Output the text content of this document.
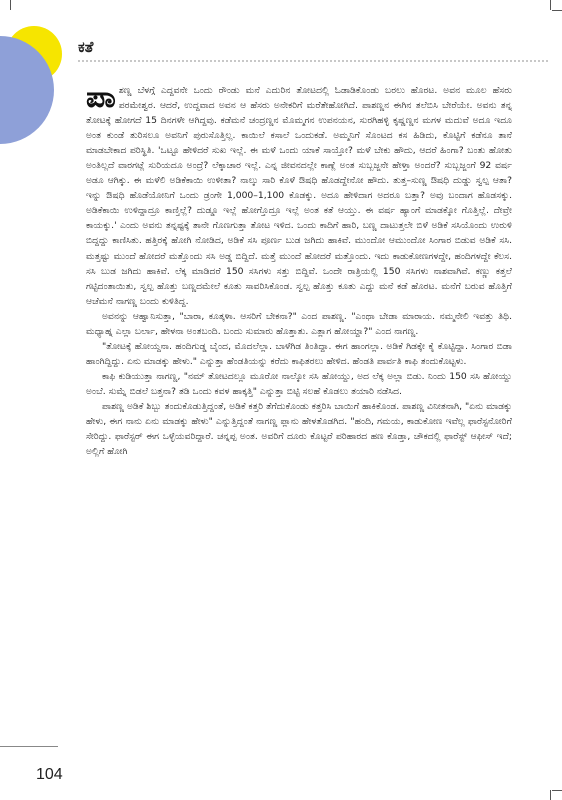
ಕತೆ

ಪಾಶಣ್ಣ ಬೆಳಗ್ಗೆ ಎದ್ದವನೇ ಒಂದು ರೌಂಡು ಮನೆ ಎದುರಿನ ತೋಟದಲ್ಲಿ ಓಡಾಡಿಕೊಂಡು ಬರಲು ಹೊರಟ. ಅವನ ಮೂಲ ಹೆಸರು ಪರಮೇಶ್ವರ. ಆದರೆ, ಉದ್ದವಾದ ಅವನ ಆ ಹೆಸರು ಅನೇಕರಿಗೆ ಮರೆತೇಹೋಗಿದೆ. ಪಾಶಣ್ಣನ ಈಗಿನ ತಲೆಬಿಸಿ ಬೇರೆಯೇ. ಅವನು ತನ್ನ ತೋಟಕ್ಕೆ ಹೋಗದೆ 15 ದಿನಗಳೇ ಆಗಿದ್ದವು. ಕಡೆಮನೆ ಚಂದ್ರಣ್ಣನ ಮೊಮ್ಮಗನ ಉಪನಯನ, ಸುರಗಿಹಳ್ಳಿ ಕೃಷ್ಣಣ್ಣನ ಮಗಳ ಮದುವೆ ಅದೂ ಇದೂ ಅಂತ ಕುಂಡೆ ತುರಿಸಲೂ ಅವನಿಗೆ ಪುರುಸೊತ್ತಿಲ್ಲ. ಕಾಯಿಲೆ ಕಸಾಲೆ ಒಂದುಕಡೆ. ಅಮ್ಮನಿಗೆ ಸೊಂಟದ ಕಸ ಹಿಡಿದು, ಕೊಟ್ಟಿಗೆ ಕಡೆನೂ ತಾನೆ ಮಾಡಬೇಕಾದ ಪರಿಸ್ಥಿತಿ. 'ಒಟ್ಟೂ ಹೇಳಿದರೆ ಸುಖ ಇಲ್ಲೆ. ಈ ಮಳೆ ಒಂದು ಯಾಕೆ ಸಾಯ್ತೋ? ಮಳೆ ಬೇಕು ಹೌದು, ಆದರೆ ಹಿಂಗಾ? ಬಂತು ಹೋತು ಅಂತಿಲ್ಲದೆ ವಾರಗಟ್ಲೆ ಸುರಿಯದೂ ಅಂದ್ರೆ? ಲೆಕ್ಕಾಚಾರ ಇಲ್ಲೆ. ಎನ್ನ ಜೀವನದಲ್ಲೇ ಕಾಣ್ಲೆ ಅಂತ ಸುಬ್ಬಜ್ಜನೇ ಹೇಳ್ತಾ ಅಂದರೆ? ಸುಬ್ಬಜ್ಜಂಗೆ 92 ವರ್ಷ ಅಡೂ ಆಗಿಕ್ಕು. ಈ ಮಳೆಲಿ ಅಡಿಕೆಕಾಯಿ ಉಳೀತಾ? ನಾಲ್ಕು ಸಾರಿ ಕೊಳೆ ಔಷಧಿ ಹೊಡದ್ದೇನೋ ಹೌದು. ತುತ್ತ–ಸುಣ್ಣ ಔಷಧಿ ದುಡ್ಡು ಸ್ವಲ್ಪ ಆತಾ? ಇನ್ನು ಔಷಧಿ ಹೊಡೆಯೋನಿಗೆ ಒಂದು ಡ್ರಂಗೇ 1,000–1,100 ಕೊಡಕ್ಕು. ಅದೂ ಹೇಳಿದಾಗ ಅದರೂ ಬತ್ತಾ? ಅವು ಬಂದಾಗ ಹೊಡಸಕ್ಕು. ಅಡಿಕೆಕಾಯಿ ಉಳಿದ್ದಾದ್ರೂ ಕಾಣ್ತಿಲ್ಲೆ? ದುಡ್ಡೂ ಇಲ್ಲೆ ಹೋಗ್ತೊದ್ರೂ ಇಲ್ಲೆ ಅಂತ ಕತೆ ಆಯ್ತು. ಈ ವರ್ಷ ಹ್ಯಾಂಗೆ ಮಾಡಕ್ಕೋ ಗೊತ್ತಿಲ್ಲೆ. ದೇವ್ರೇ ಕಾಯಕ್ಕು.' ಎಂದು ಅವನು ತನ್ನಷ್ಟಕ್ಕೆ ತಾನೇ ಗೊಣಗುತ್ತಾ ತೋಟ ಇಳಿದ. ಒಂದು ಕಾದಿಗೆ ಹಾರಿ, ಬಣ್ಣ ದಾಟುತ್ತಲೇ ಬಿಳೆ ಅಡಿಕೆ ಸಸಿಯೊಂದು ಉರುಳಿ ಬಿದ್ದದ್ದು ಕಾಣಿಸಿತು. ಹತ್ತಿರಕ್ಕೆ ಹೋಗಿ ನೋಡಿದ, ಅಡಿಕೆ ಸಸಿ ಪೂರ್ಣ ಬುಡ ಜಗಿದು ಹಾಕಿವೆ. ಮುಂದೋ ಆಮುಂದೋ ಸಿಂಗಾರ ಬಿಡುವ ಅಡಿಕೆ ಸಸಿ. ಮತ್ತಷ್ಟು ಮುಂದೆ ಹೋದರೆ ಮತ್ತೊಂದು ಸಸಿ ಅಡ್ಡ ಬಿದ್ದಿದೆ. ಮತ್ತೆ ಮುಂದೆ ಹೋದರೆ ಮತ್ತೊಂದು. ಇದು ಕಾಡುಕೋಣಗಳದ್ದೇ, ಹಂದಿಗಳದ್ದೇ ಕೆಲಸ. ಸಸಿ ಬುಡ ಜಗಿದು ಹಾಕಿವೆ. ಲೆಕ್ಕ ಮಾಡಿದರೆ 150 ಸಸಿಗಳು ಸತ್ತು ಬಿದ್ದಿವೆ. ಒಂದೇ ರಾತ್ರಿಯಲ್ಲಿ 150 ಸಸಿಗಳು ನಾಶವಾಗಿವೆ. ಕಣ್ಣು ಕತ್ತಲೆ ಗಟ್ಟಿದಂತಾಯಿತು, ಸ್ವಲ್ಪ ಹೊತ್ತು ಬಣ್ಣದಮೇಲೆ ಕೂತು ಸಾವರಿಸಿಕೊಂಡ. ಸ್ವಲ್ಪ ಹೊತ್ತು ಕೂತು ಎದ್ದು ಮನೆ ಕಡೆ ಹೊರಟ. ಮನೆಗೆ ಬರುವ ಹೊತ್ತಿಗೆ ಆಚೆಮನೆ ನಾಗಣ್ಣ ಬಂದು ಕುಳಿತಿದ್ದ.

ಅವನನ್ನು ಆಹ್ವಾನಿಸುತ್ತಾ, "ಬಾರಾ, ಕೂತ್ಕಳಾ. ಆಸರಿಗೆ ಬೇಕನಾ?" ಎಂದ ಪಾಶಣ್ಣ. "ಎಂಥಾ ಬೇಡಾ ಮಾರಾಯ. ನಮ್ಮನೇಲಿ ಇವತ್ತು ತಿಥಿ. ಮಧ್ಯಾಹ್ನ ಎಲ್ಲಾ ಬರ್ಲಾ, ಹೇಳನಾ ಅಂತಬಂದಿ. ಬಂದು ಸುಮಾರು ಹೊತ್ತಾತು. ಎತ್ಲಾಗ ಹೋಯ್ದಾ?" ಎಂದ ನಾಗಣ್ಣ.

"ತೋಟಕ್ಕೆ ಹೋಯ್ದನಾ. ಹಂದಿಗುಡ್ಡ ಬೈಂದ, ಮೊದಲೆಲ್ಲಾ. ಬಾಳೆಗಿಡ ತಿಂತಿದ್ದಾ. ಈಗ ಹಾಂಗಲ್ಲಾ. ಅಡಿಕೆ ಗಿಡಕ್ಕೇ ಕೈ ಕೊಟ್ಟಿದ್ದಾ. ಸಿಂಗಾರ ಬಿಡಾ ಹಾಂಗಿದ್ದಿದ್ದು. ಏನು ಮಾಡಕ್ಕು ಹೇಳು." ಎನ್ನುತ್ತಾ ಹೆಂಡತಿಯನ್ನು ಕರೆದು ಕಾಫಿತರಲು ಹೇಳಿದ. ಹೆಂಡತಿ ಪಾರ್ವತಿ ಕಾಫಿ ತಂದುಕೊಟ್ಟಳು.

ಕಾಫಿ ಕುಡಿಯುತ್ತಾ ನಾಗಣ್ಣ, "ನಮ್ ತೋಟದಲ್ಲೂ ಮೂರೋ ನಾಲ್ಕೋ ಸಸಿ ಹೋಯ್ದು, ಅದ ಲೆಕ್ಕ ಅಲ್ಲಾ ಬಿಡು. ನಿಂದು 150 ಸಸಿ ಹೋಯ್ದು ಅಂಬೆ. ಸುಮ್ನೆ ಬಿಡಲೆ ಬತ್ತನಾ? ತಡಿ ಒಂದು ಕವಳ ಹಾಕ್ಕತ್ತಿ" ಎನ್ನುತ್ತಾ ಬಿಟ್ಟಿ ಸಲಹೆ ಕೊಡಲು ತಯಾರಿ ನಡೆಸಿದ.

ಪಾಶಣ್ಣ ಅಡಿಕೆ ಶಿಬ್ಬು ತಂದುಕೊಡುತ್ತಿದ್ದಂತೆ, ಅಡಿಕೆ ಕತ್ತರಿ ತೆಗೆದುಕೊಂಡು ಕತ್ತರಿಸಿ ಬಾಯಿಗೆ ಹಾಕಿಕೊಂಡ. ಪಾಶಣ್ಣ ವಿನೀತನಾಗಿ, "ಏನು ಮಾಡಕ್ಕು ಹೇಳು, ಈಗ ನಾನು ಏನು ಮಾಡಕ್ಕು ಹೇಳು" ಎನ್ನುತ್ತಿದ್ದಂತೆ ನಾಗಣ್ಣ ಪ್ಲಾನು ಹೇಳತೊಡಗಿದ. "ಹಂದಿ, ಗಮಯ, ಕಾಡುಕೋಣ ಇವೆಲ್ಲ ಫಾರೆಸ್ಟನೋರಿಗೆ ಸೇರಿದ್ದು. ಫಾರೆಸ್ಟರ್ ಈಗ ಒಳ್ಳೆಯವರಿದ್ದಾರೆ. ಚನ್ನಪ್ಪ ಅಂತ. ಅವರಿಗೆ ದೂರು ಕೊಟ್ಟರೆ ಪರಿಹಾರದ ಹಣ ಕೊಡ್ತಾ, ಚೌಕದಲ್ಲಿ ಫಾರೆಸ್ಟ್ ಆಫೀಸ್ ಇದೆ; ಅಲ್ಲಿಗೆ ಹೋಗಿ

104
